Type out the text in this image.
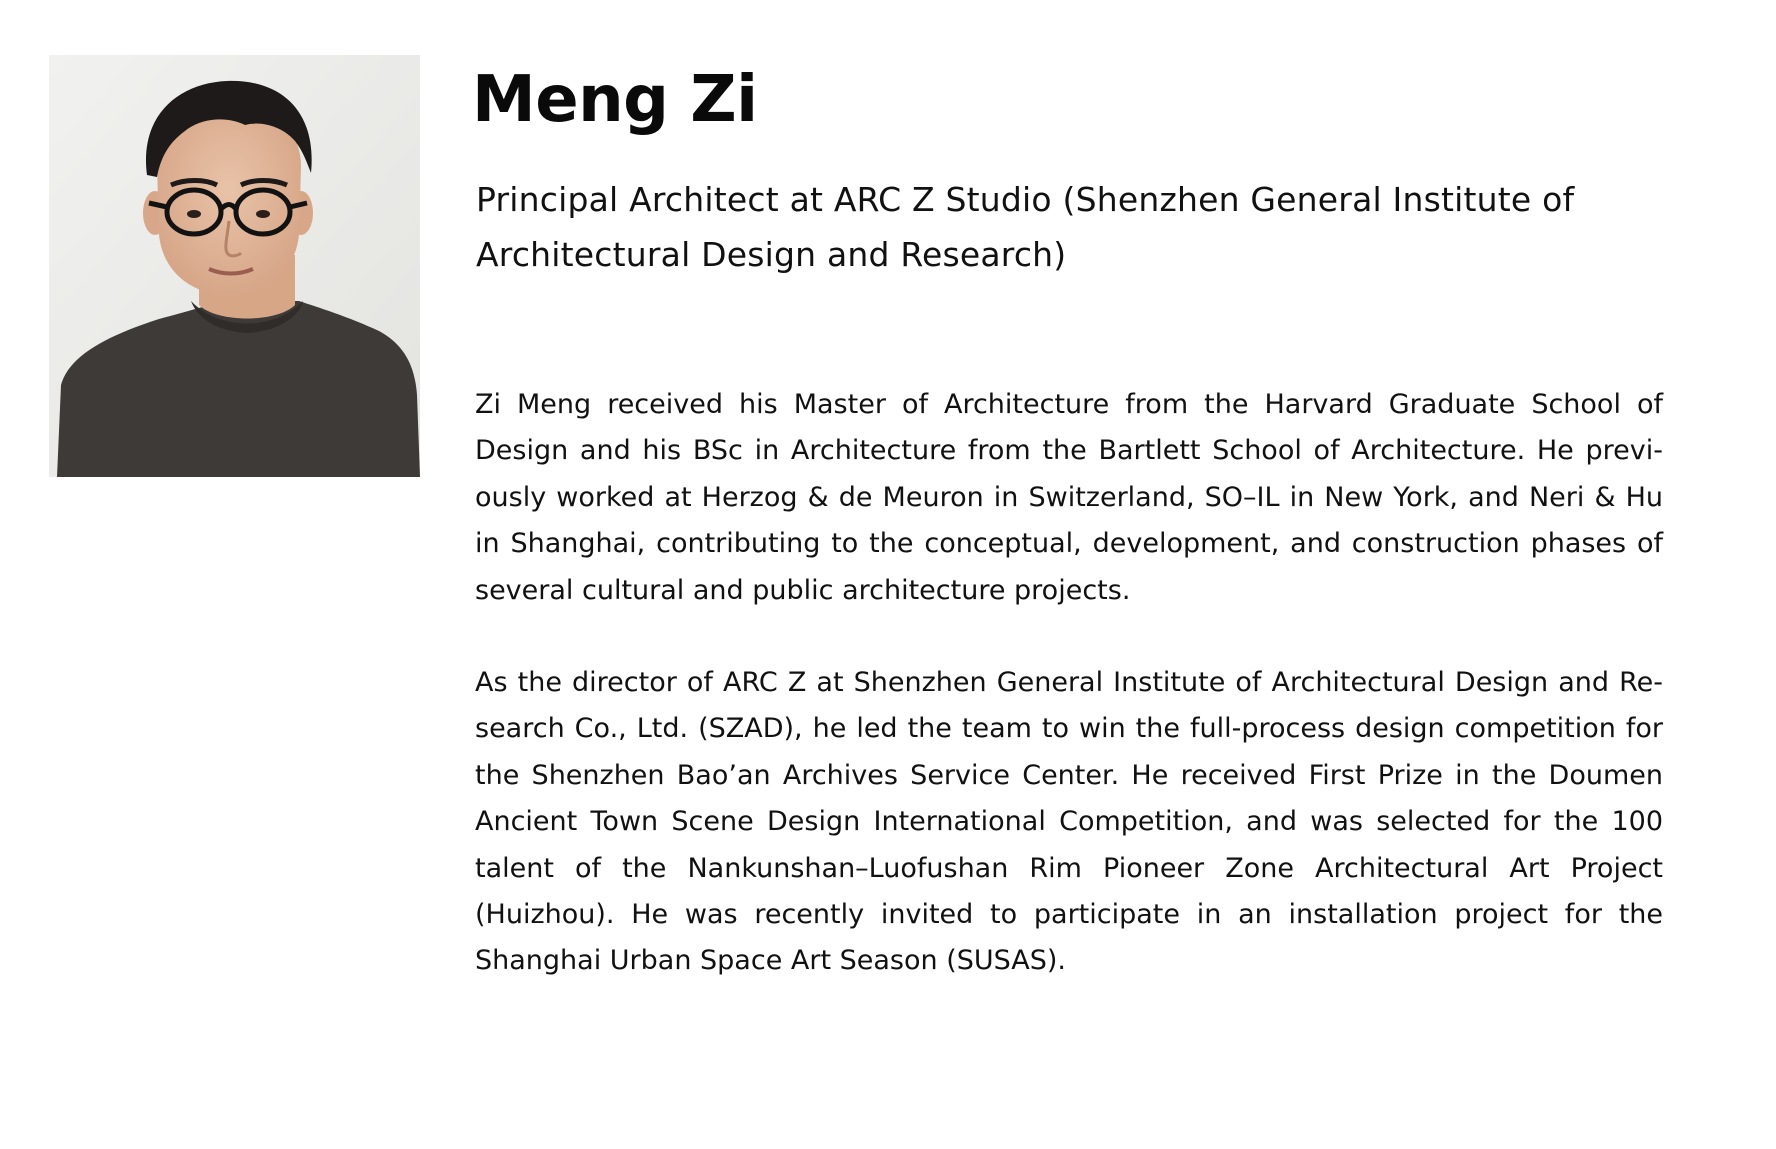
Meng Zi

Principal Architect at ARC Z Studio (Shenzhen General Institute of Architectural Design and Research)

Zi Meng received his Master of Architecture from the Harvard Graduate School of Design and his BSc in Architecture from the Bartlett School of Architecture. He previously worked at Herzog & de Meuron in Switzerland, SO–IL in New York, and Neri & Hu in Shanghai, contributing to the conceptual, development, and construction phases of several cultural and public architecture projects.

As the director of ARC Z at Shenzhen General Institute of Architectural Design and Research Co., Ltd. (SZAD), he led the team to win the full-process design competition for the Shenzhen Bao’an Archives Service Center. He received First Prize in the Doumen Ancient Town Scene Design International Competition, and was selected for the 100 talent of the Nankunshan–Luofushan Rim Pioneer Zone Architectural Art Project (Huizhou). He was recently invited to participate in an installation project for the Shanghai Urban Space Art Season (SUSAS).
